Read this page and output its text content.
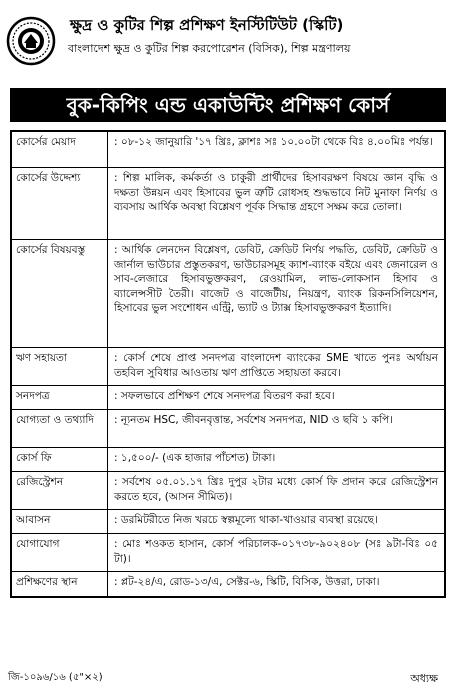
ক্ষুদ্র ও কুটির শিল্প প্রশিক্ষণ ইনস্টিটিউট (স্কিটি)
বাংলাদেশ ক্ষুদ্র ও কুটির শিল্প করপোরেশন (বিসিক), শিল্প মন্ত্রণালয়
বুক-কিপিং এন্ড একাউন্টিং প্রশিক্ষণ কোর্স
কোর্সের মেয়াদ	: ০৮-১২ জানুয়ারি '১৭ খ্রিঃ, ক্লাশঃ সঃ ১০.০০টা থেকে বিঃ ৪.০০মিঃ পর্যন্ত।
কোর্সের উদ্দেশ্য	: শিল্প মালিক, কর্মকর্তা ও চাকুরী প্রার্থীদের হিসাবরক্ষণ বিষয়ে জ্ঞান বৃদ্ধি ও দক্ষতা উন্নয়ন এবং হিসাবের ভুল ত্রুটি রোধসহ শুদ্ধভাবে নিট মুনাফা নির্ণয় ও ব্যবসায় আর্থিক অবস্থা বিশ্লেষণ পূর্বক সিদ্ধান্ত গ্রহণে সক্ষম করে তোলা।
কোর্সের বিষয়বস্তু	: আর্থিক লেনদেন বিশ্লেষণ, ডেবিট, ক্রেডিট নির্ণয় পদ্ধতি, ডেবিট, ক্রেডিট ও জার্নাল ভাউচার প্রস্তুতকরণ, ভাউচারসমূহ ক্যাশ-ব্যাংক বইয়ে এবং জেনারেল ও সাব-লেজারে হিসাবভুক্তকরণ, রেওয়ামিল, লাভ-লোকসান হিসাব ও ব্যালেন্সসীট তৈরী। বাজেট ও বাজেটীয়, নিয়ন্ত্রণ, ব্যাংক রিকনসিলিয়েশন, হিসাবের ভুল সংশোধন এন্ট্রি, ভ্যাট ও ট্যাক্স হিসাবভুক্তকরণ ইত্যাদি।
ঋণ সহায়তা	: কোর্স শেষে প্রাপ্ত সনদপত্র বাংলাদেশ ব্যাংকের SME খাতে পুনঃ অর্থায়ন তহবিল সুবিধার আওতায় ঋণ প্রাপ্তিতে সহায়তা করবে।
সনদপত্র	: সফলভাবে প্রশিক্ষণ শেষে সনদপত্র বিতরণ করা হবে।
যোগ্যতা ও তথ্যাদি	: ন্যূনতম HSC, জীবনবৃত্তান্ত, সর্বশেষ সনদপত্র, NID ও ছবি ১ কপি।
কোর্স ফি	: ১,৫০০/- (এক হাজার পাঁচশত) টাকা।
রেজিস্ট্রেশন	: সর্বশেষ ০৫.০১.১৭ খ্রিঃ দুপুর ২টার মধ্যে কোর্স ফি প্রদান করে রেজিস্ট্রেশন করতে হবে, (আসন সীমিত)।
আবাসন	: ডরমিটরীতে নিজ খরচে স্বল্পমূল্যে থাকা-খাওয়ার ব্যবস্থা রয়েছে।
যোগাযোগ	: মোঃ শওকত হাসান, কোর্স পরিচালক-০১৭৩৮-৯০২৪০৮ (সঃ ৯টা-বিঃ ০৫ টা)।
প্রশিক্ষণের স্থান	: প্লট-২৪/এ, রোড-১৩/এ, সেক্টর-৬, স্কিটি, বিসিক, উত্তরা, ঢাকা।
জি-১০৯৬/১৬ (৫"×২)	অধ্যক্ষ
